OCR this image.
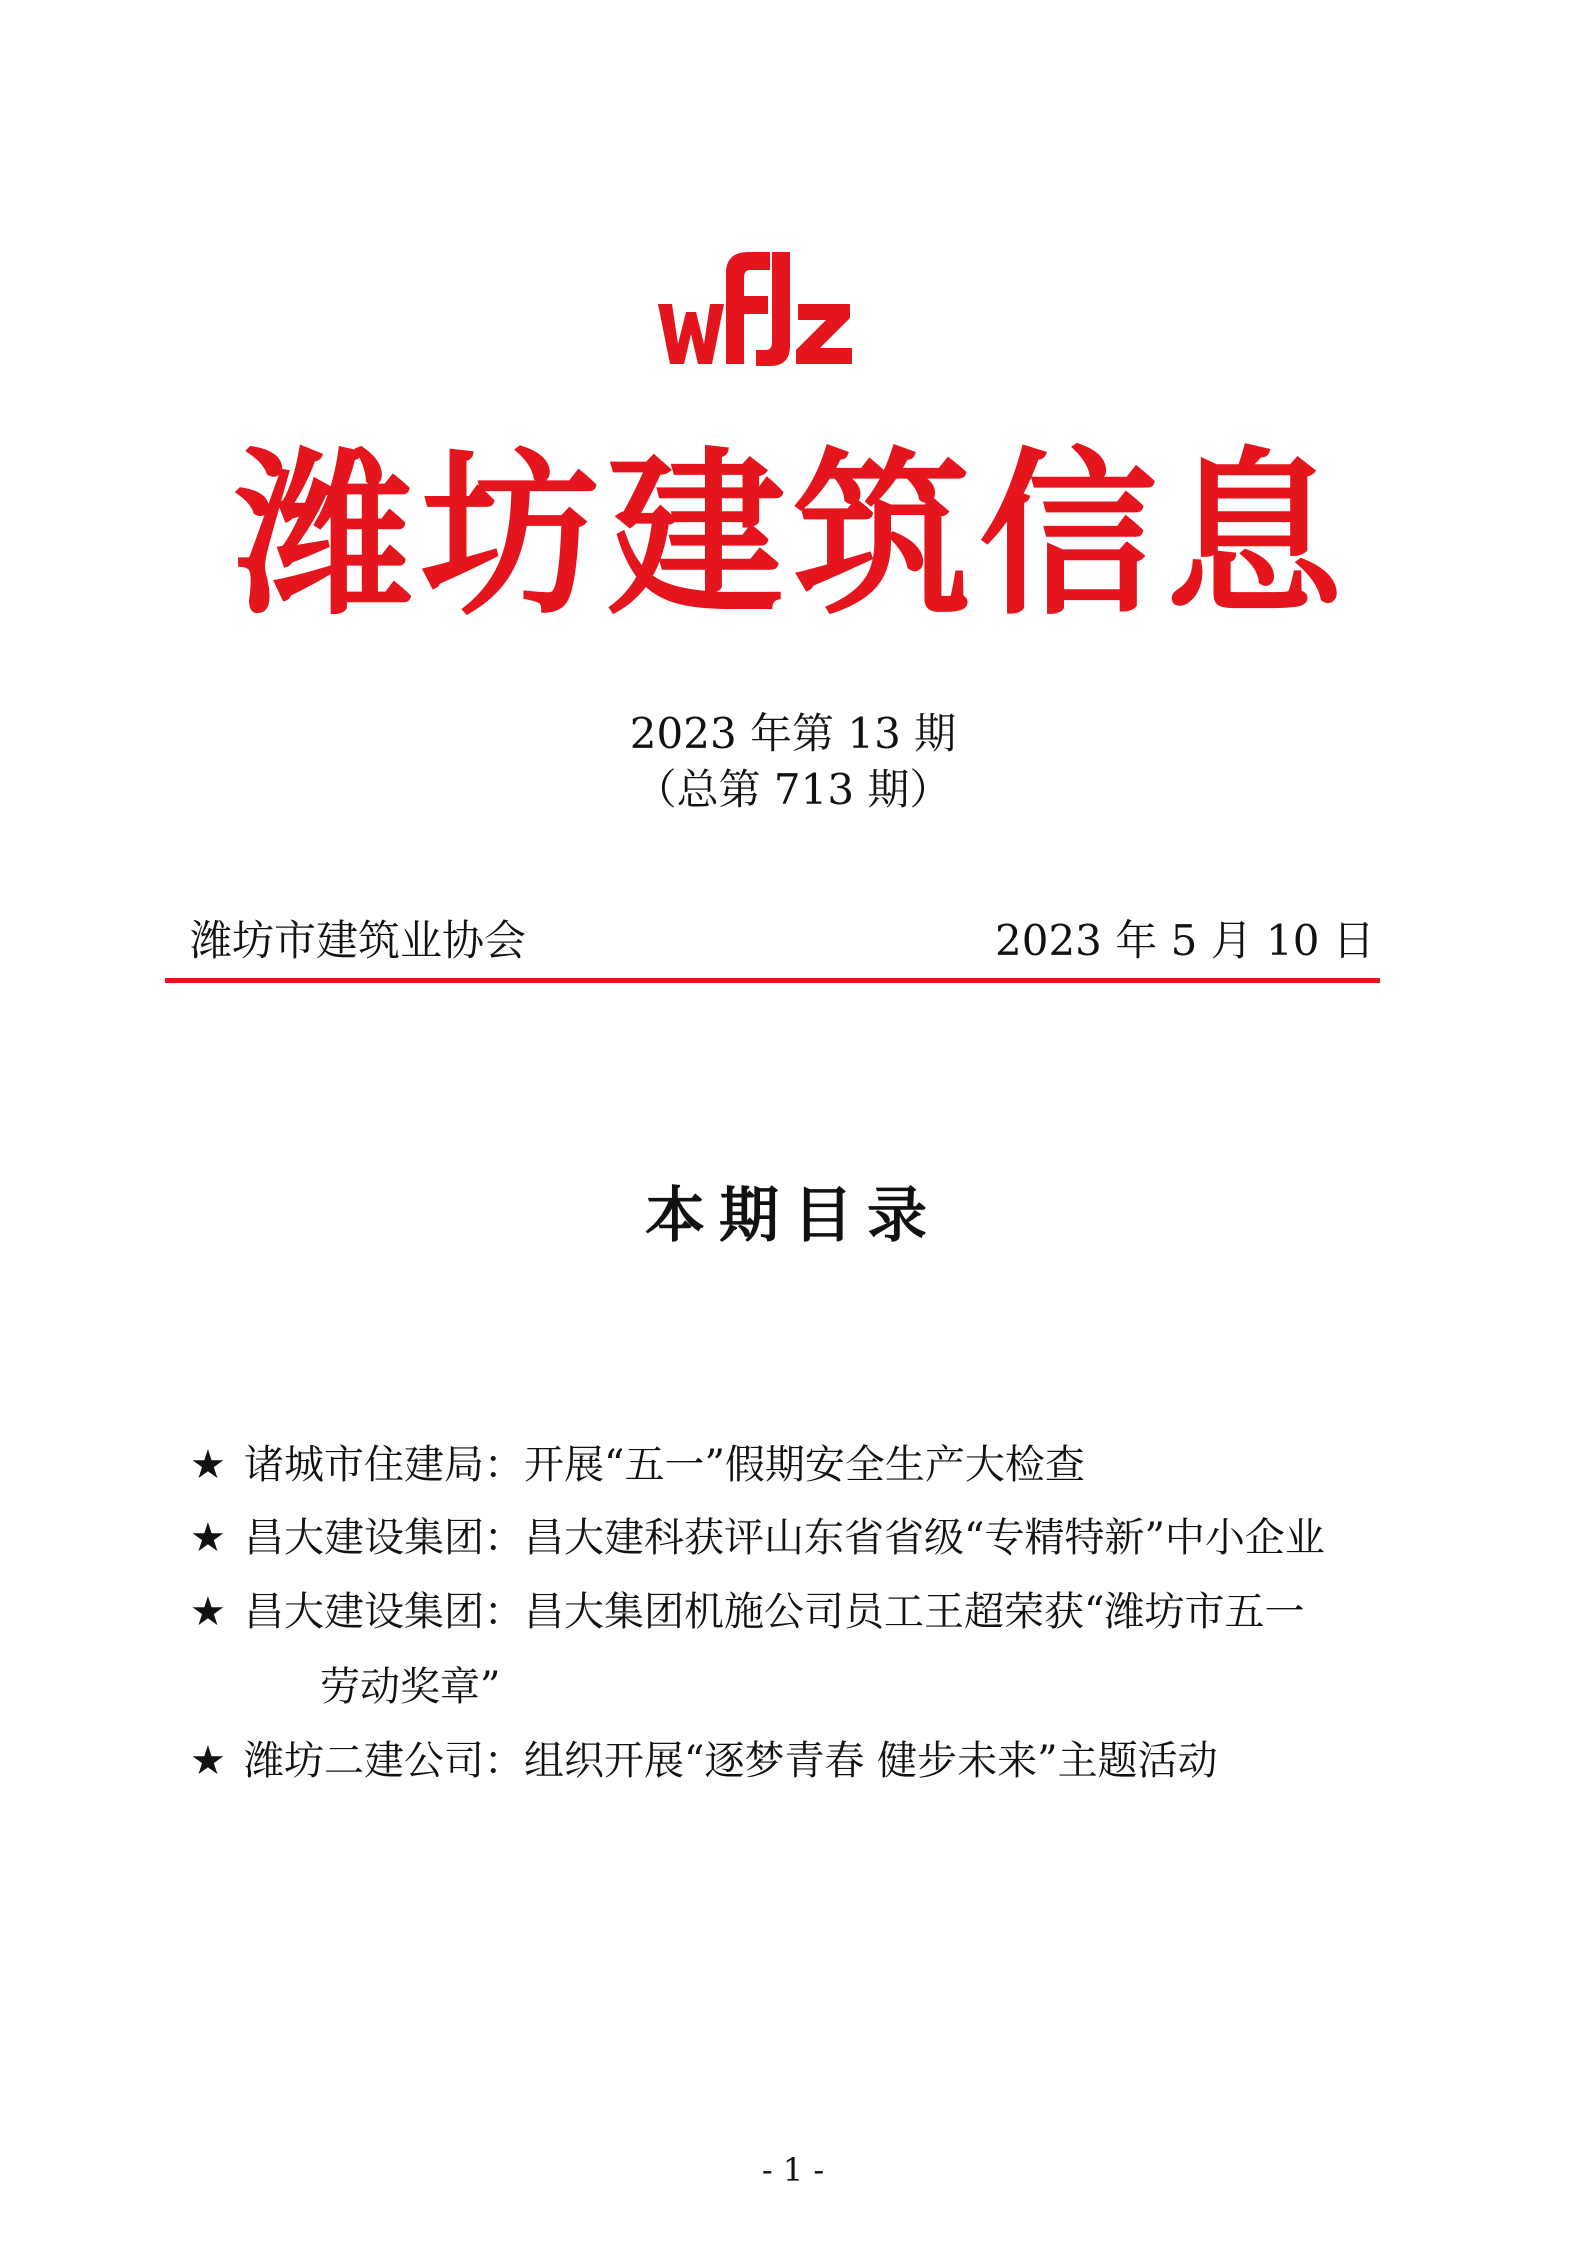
潍坊建筑信息
2023 年第 13 期
（总第 713 期）
潍坊市建筑业协会	2023 年 5 月 10 日
本期目录
★ 诸城市住建局：开展“五一”假期安全生产大检查
★ 昌大建设集团：昌大建科获评山东省省级“专精特新”中小企业
★ 昌大建设集团：昌大集团机施公司员工王超荣获“潍坊市五一
劳动奖章”
★ 潍坊二建公司：组织开展“逐梦青春 健步未来”主题活动
- 1 -
